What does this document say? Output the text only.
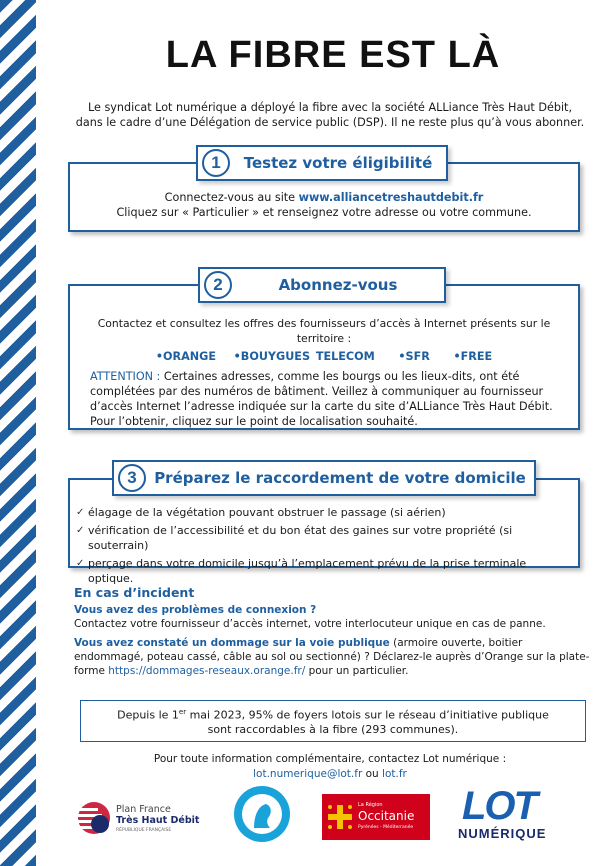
LA FIBRE EST LÀ
Le syndicat Lot numérique a déployé la fibre avec la société ALLiance Très Haut Débit,
dans le cadre d’une Délégation de service public (DSP). Il ne reste plus qu’à vous abonner.
Connectez-vous au site www.alliancetreshautdebit.fr
Cliquez sur « Particulier » et renseignez votre adresse ou votre commune.
1	Testez votre éligibilité
Contactez et consultez les offres des fournisseurs d’accès à Internet présents sur le territoire :
•ORANGE •BOUYGUES TELECOM •SFR •FREE
ATTENTION : Certaines adresses, comme les bourgs ou les lieux-dits, ont été complétées par des numéros de bâtiment. Veillez à communiquer au fournisseur d’accès Internet l’adresse indiquée sur la carte du site d’ALLiance Très Haut Débit. Pour l’obtenir, cliquez sur le point de localisation souhaité.
2	Abonnez-vous
✓ élagage de la végétation pouvant obstruer le passage (si aérien)
✓ vérification de l’accessibilité et du bon état des gaines sur votre propriété (si souterrain)
✓ perçage dans votre domicile jusqu’à l’emplacement prévu de la prise terminale optique.
3	Préparez le raccordement de votre domicile
En cas d’incident

Vous avez des problèmes de connexion ?

Contactez votre fournisseur d’accès internet, votre interlocuteur unique en cas de panne.

Vous avez constaté un dommage sur la voie publique (armoire ouverte, boitier endommagé, poteau cassé, câble au sol ou sectionné) ? Déclarez-le auprès d’Orange sur la plate-forme https://dommages-reseaux.orange.fr/ pour un particulier.

Depuis le 1er mai 2023, 95% de foyers lotois sur le réseau d’initiative publique
sont raccordables à la fibre (293 communes).
Pour toute information complémentaire, contactez Lot numérique :
lot.numerique@lot.fr ou lot.fr
Plan France
Très Haut Débit
RÉPUBLIQUE FRANÇAISE
La Région
Occitanie
Pyrénées - Méditerranée LOT
NUMÉRIQUE
